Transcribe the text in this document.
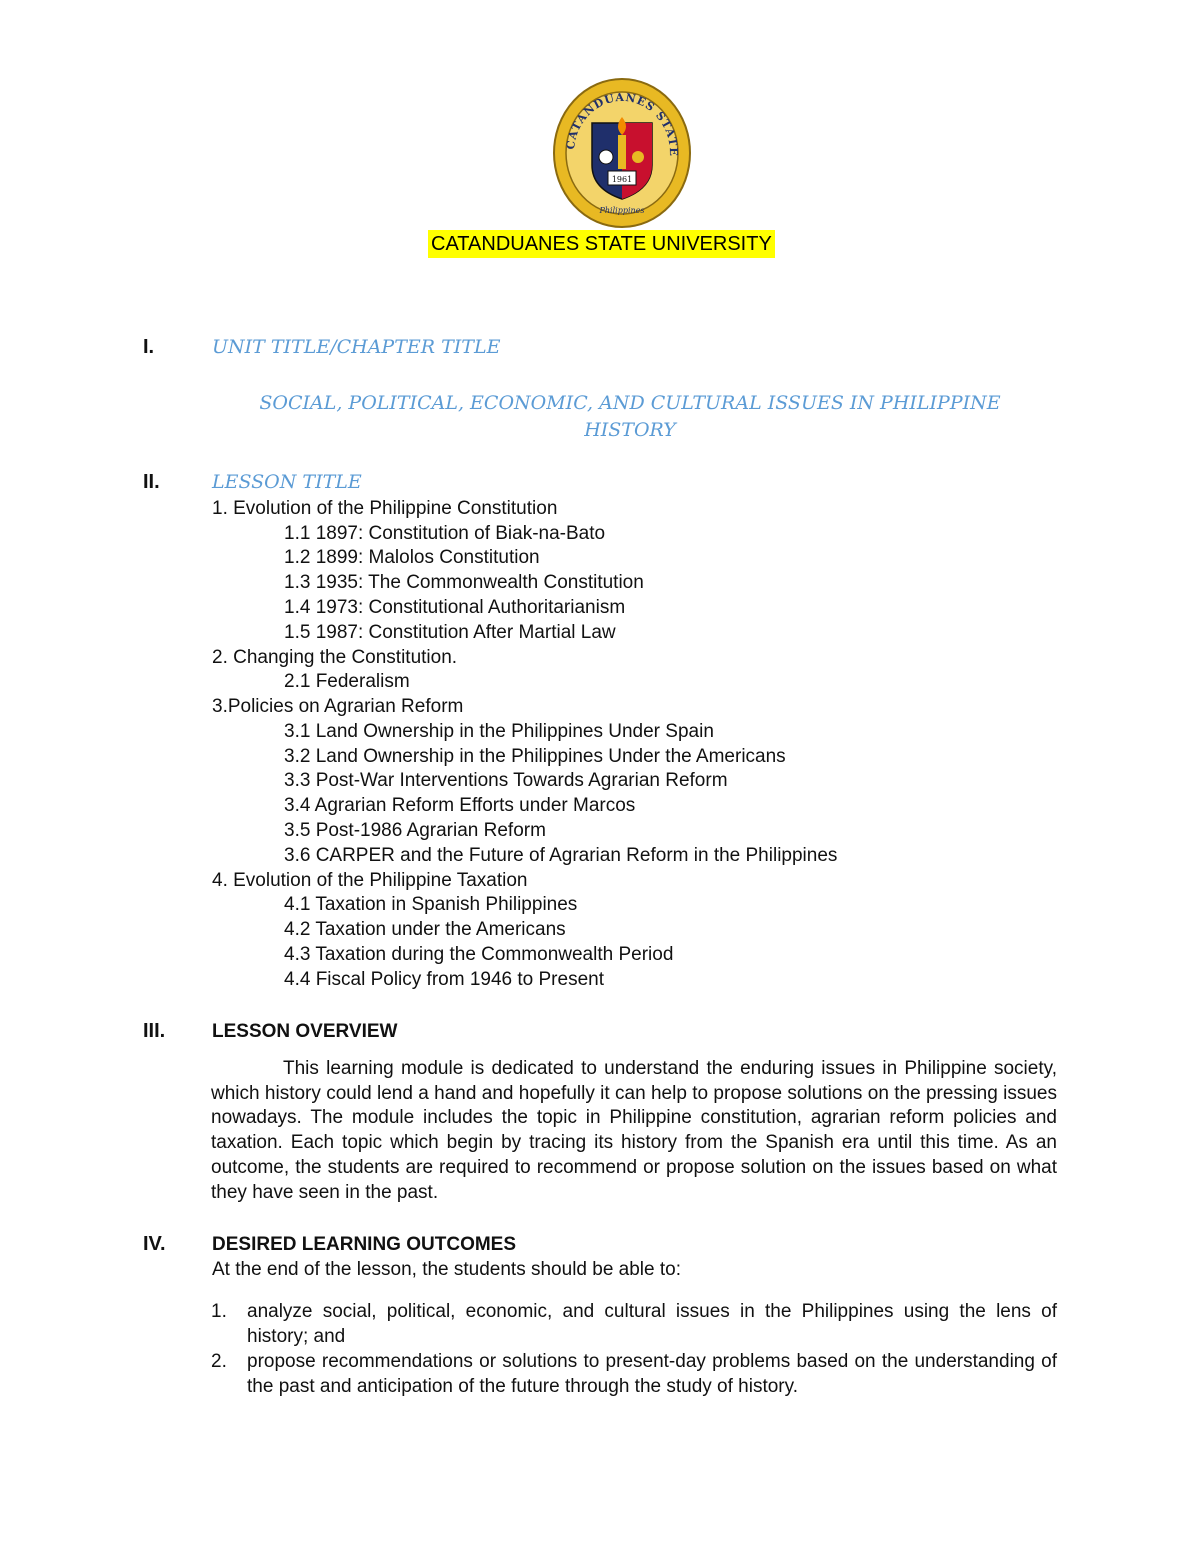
CATANDUANES STATE
1961
Philippines
CATANDUANES STATE UNIVERSITY
I.	UNIT TITLE/CHAPTER TITLE
SOCIAL, POLITICAL, ECONOMIC, AND CULTURAL ISSUES IN PHILIPPINE
HISTORY
II.	LESSON TITLE
1. Evolution of the Philippine Constitution
1.1 1897: Constitution of Biak-na-Bato
1.2 1899: Malolos Constitution
1.3 1935: The Commonwealth Constitution
1.4 1973: Constitutional Authoritarianism
1.5 1987: Constitution After Martial Law
2. Changing the Constitution.
2.1 Federalism
3.Policies on Agrarian Reform
3.1 Land Ownership in the Philippines Under Spain
3.2 Land Ownership in the Philippines Under the Americans
3.3 Post-War Interventions Towards Agrarian Reform
3.4 Agrarian Reform Efforts under Marcos
3.5 Post-1986 Agrarian Reform
3.6 CARPER and the Future of Agrarian Reform in the Philippines
4. Evolution of the Philippine Taxation
4.1 Taxation in Spanish Philippines
4.2 Taxation under the Americans
4.3 Taxation during the Commonwealth Period
4.4 Fiscal Policy from 1946 to Present
III. LESSON OVERVIEW
This learning module is dedicated to understand the enduring issues in Philippine society, which history could lend a hand and hopefully it can help to propose solutions on the pressing issues nowadays. The module includes the topic in Philippine constitution, agrarian reform policies and taxation. Each topic which begin by tracing its history from the Spanish era until this time. As an outcome, the students are required to recommend or propose solution on the issues based on what they have seen in the past.
IV. DESIRED LEARNING OUTCOMES
At the end of the lesson, the students should be able to:
1. analyze social, political, economic, and cultural issues in the Philippines using the lens of history; and
2. propose recommendations or solutions to present-day problems based on the understanding of the past and anticipation of the future through the study of history.
